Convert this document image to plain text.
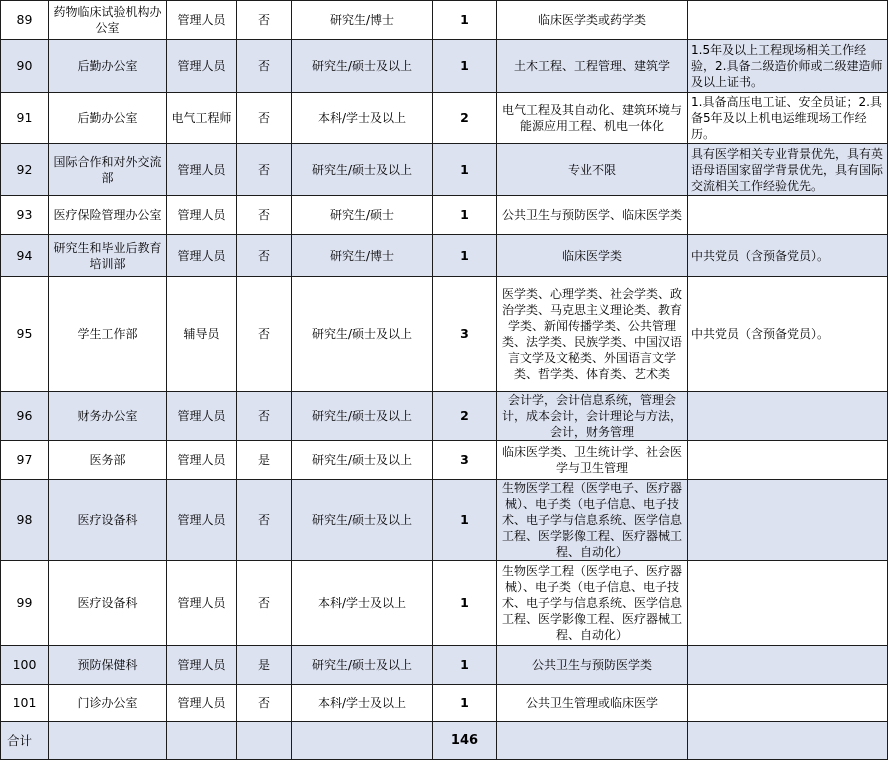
89	药物临床试验机构办公室	管理人员	否	研究生/博士	1	临床医学类或药学类	
90	后勤办公室	管理人员	否	研究生/硕士及以上	1	土木工程、工程管理、建筑学	1.5年及以上工程现场相关工作经验，2.具备二级造价师或二级建造师及以上证书。
91	后勤办公室	电气工程师	否	本科/学士及以上	2	电气工程及其自动化、建筑环境与能源应用工程、机电一体化	1.具备高压电工证、安全员证；2.具备5年及以上机电运维现场工作经历。
92	国际合作和对外交流部	管理人员	否	研究生/硕士及以上	1	专业不限	具有医学相关专业背景优先，具有英语母语国家留学背景优先，具有国际交流相关工作经验优先。
93	医疗保险管理办公室	管理人员	否	研究生/硕士	1	公共卫生与预防医学、临床医学类	
94	研究生和毕业后教育培训部	管理人员	否	研究生/博士	1	临床医学类	中共党员（含预备党员）。
95	学生工作部	辅导员	否	研究生/硕士及以上	3	医学类、心理学类、社会学类、政治学类、马克思主义理论类、教育学类、新闻传播学类、公共管理类、法学类、民族学类、中国汉语言文学及文秘类、外国语言文学类、哲学类、体育类、艺术类	中共党员（含预备党员）。
96	财务办公室	管理人员	否	研究生/硕士及以上	2	会计学，会计信息系统，管理会计，成本会计，会计理论与方法，会计，财务管理	
97	医务部	管理人员	是	研究生/硕士及以上	3	临床医学类、卫生统计学、社会医学与卫生管理	
98	医疗设备科	管理人员	否	研究生/硕士及以上	1	生物医学工程（医学电子、医疗器械）、电子类（电子信息、电子技术、电子学与信息系统、医学信息工程、医学影像工程、医疗器械工程、自动化）	
99	医疗设备科	管理人员	否	本科/学士及以上	1	生物医学工程（医学电子、医疗器械）、电子类（电子信息、电子技术、电子学与信息系统、医学信息工程、医学影像工程、医疗器械工程、自动化）	
100	预防保健科	管理人员	是	研究生/硕士及以上	1	公共卫生与预防医学类	
101	门诊办公室	管理人员	否	本科/学士及以上	1	公共卫生管理或临床医学	
合计					146		
